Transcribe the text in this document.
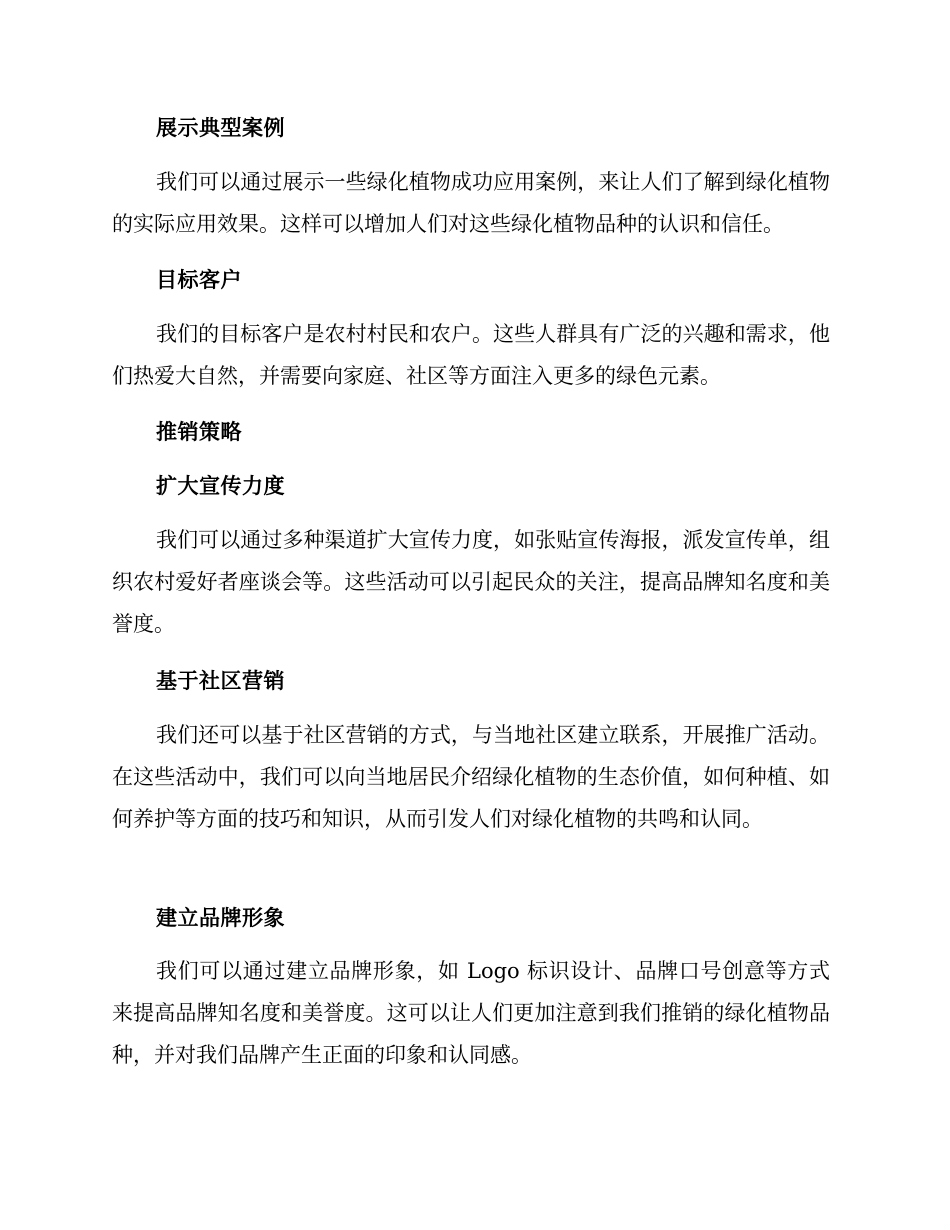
展示典型案例
我们可以通过展示一些绿化植物成功应用案例，来让人们了解到绿化植物的实际应用效果。这样可以增加人们对这些绿化植物品种的认识和信任。
目标客户
我们的目标客户是农村村民和农户。这些人群具有广泛的兴趣和需求，他们热爱大自然，并需要向家庭、社区等方面注入更多的绿色元素。
推销策略
扩大宣传力度
我们可以通过多种渠道扩大宣传力度，如张贴宣传海报，派发宣传单，组织农村爱好者座谈会等。这些活动可以引起民众的关注，提高品牌知名度和美誉度。
基于社区营销
我们还可以基于社区营销的方式，与当地社区建立联系，开展推广活动。在这些活动中，我们可以向当地居民介绍绿化植物的生态价值，如何种植、如何养护等方面的技巧和知识，从而引发人们对绿化植物的共鸣和认同。
建立品牌形象
我们可以通过建立品牌形象，如 Logo 标识设计、品牌口号创意等方式来提高品牌知名度和美誉度。这可以让人们更加注意到我们推销的绿化植物品种，并对我们品牌产生正面的印象和认同感。
